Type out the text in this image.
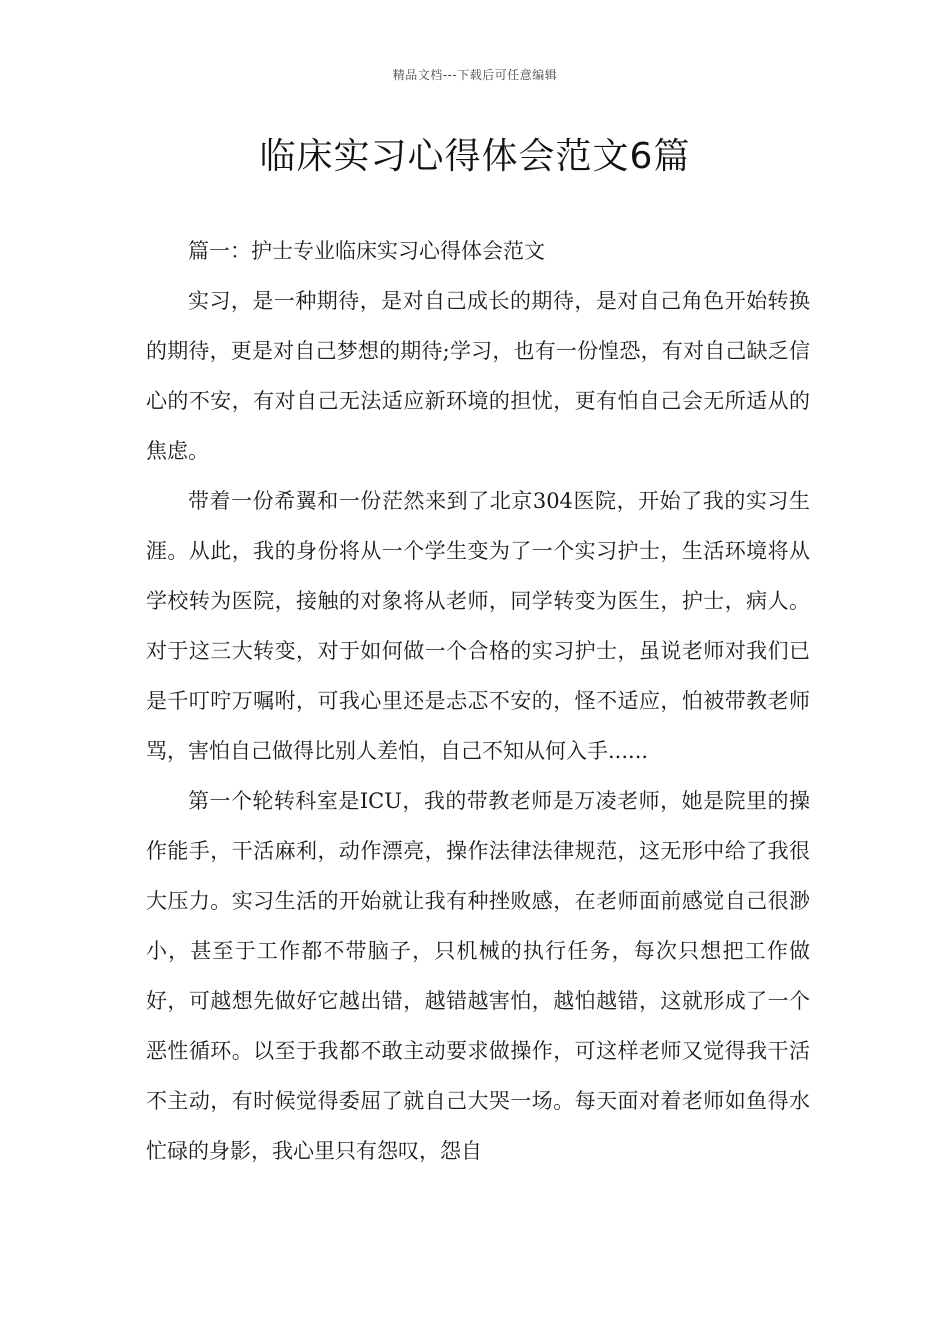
精品文档---下载后可任意编辑
临床实习心得体会范文6篇

篇一：护士专业临床实习心得体会范文

实习，是一种期待，是对自己成长的期待，是对自己角色开始转换的期待，更是对自己梦想的期待;学习，也有一份惶恐，有对自己缺乏信心的不安，有对自己无法适应新环境的担忧，更有怕自己会无所适从的焦虑。

带着一份希翼和一份茫然来到了北京304医院，开始了我的实习生涯。从此，我的身份将从一个学生变为了一个实习护士，生活环境将从学校转为医院，接触的对象将从老师，同学转变为医生，护士，病人。对于这三大转变，对于如何做一个合格的实习护士，虽说老师对我们已是千叮咛万嘱咐，可我心里还是忐忑不安的，怪不适应，怕被带教老师骂，害怕自己做得比别人差怕，自己不知从何入手......

第一个轮转科室是ICU，我的带教老师是万凌老师，她是院里的操作能手，干活麻利，动作漂亮，操作法律法律规范，这无形中给了我很大压力。实习生活的开始就让我有种挫败感，在老师面前感觉自己很渺小，甚至于工作都不带脑子，只机械的执行任务，每次只想把工作做好，可越想先做好它越出错，越错越害怕，越怕越错，这就形成了一个恶性循环。以至于我都不敢主动要求做操作，可这样老师又觉得我干活不主动，有时候觉得委屈了就自己大哭一场。每天面对着老师如鱼得水忙碌的身影，我心里只有怨叹，怨自
